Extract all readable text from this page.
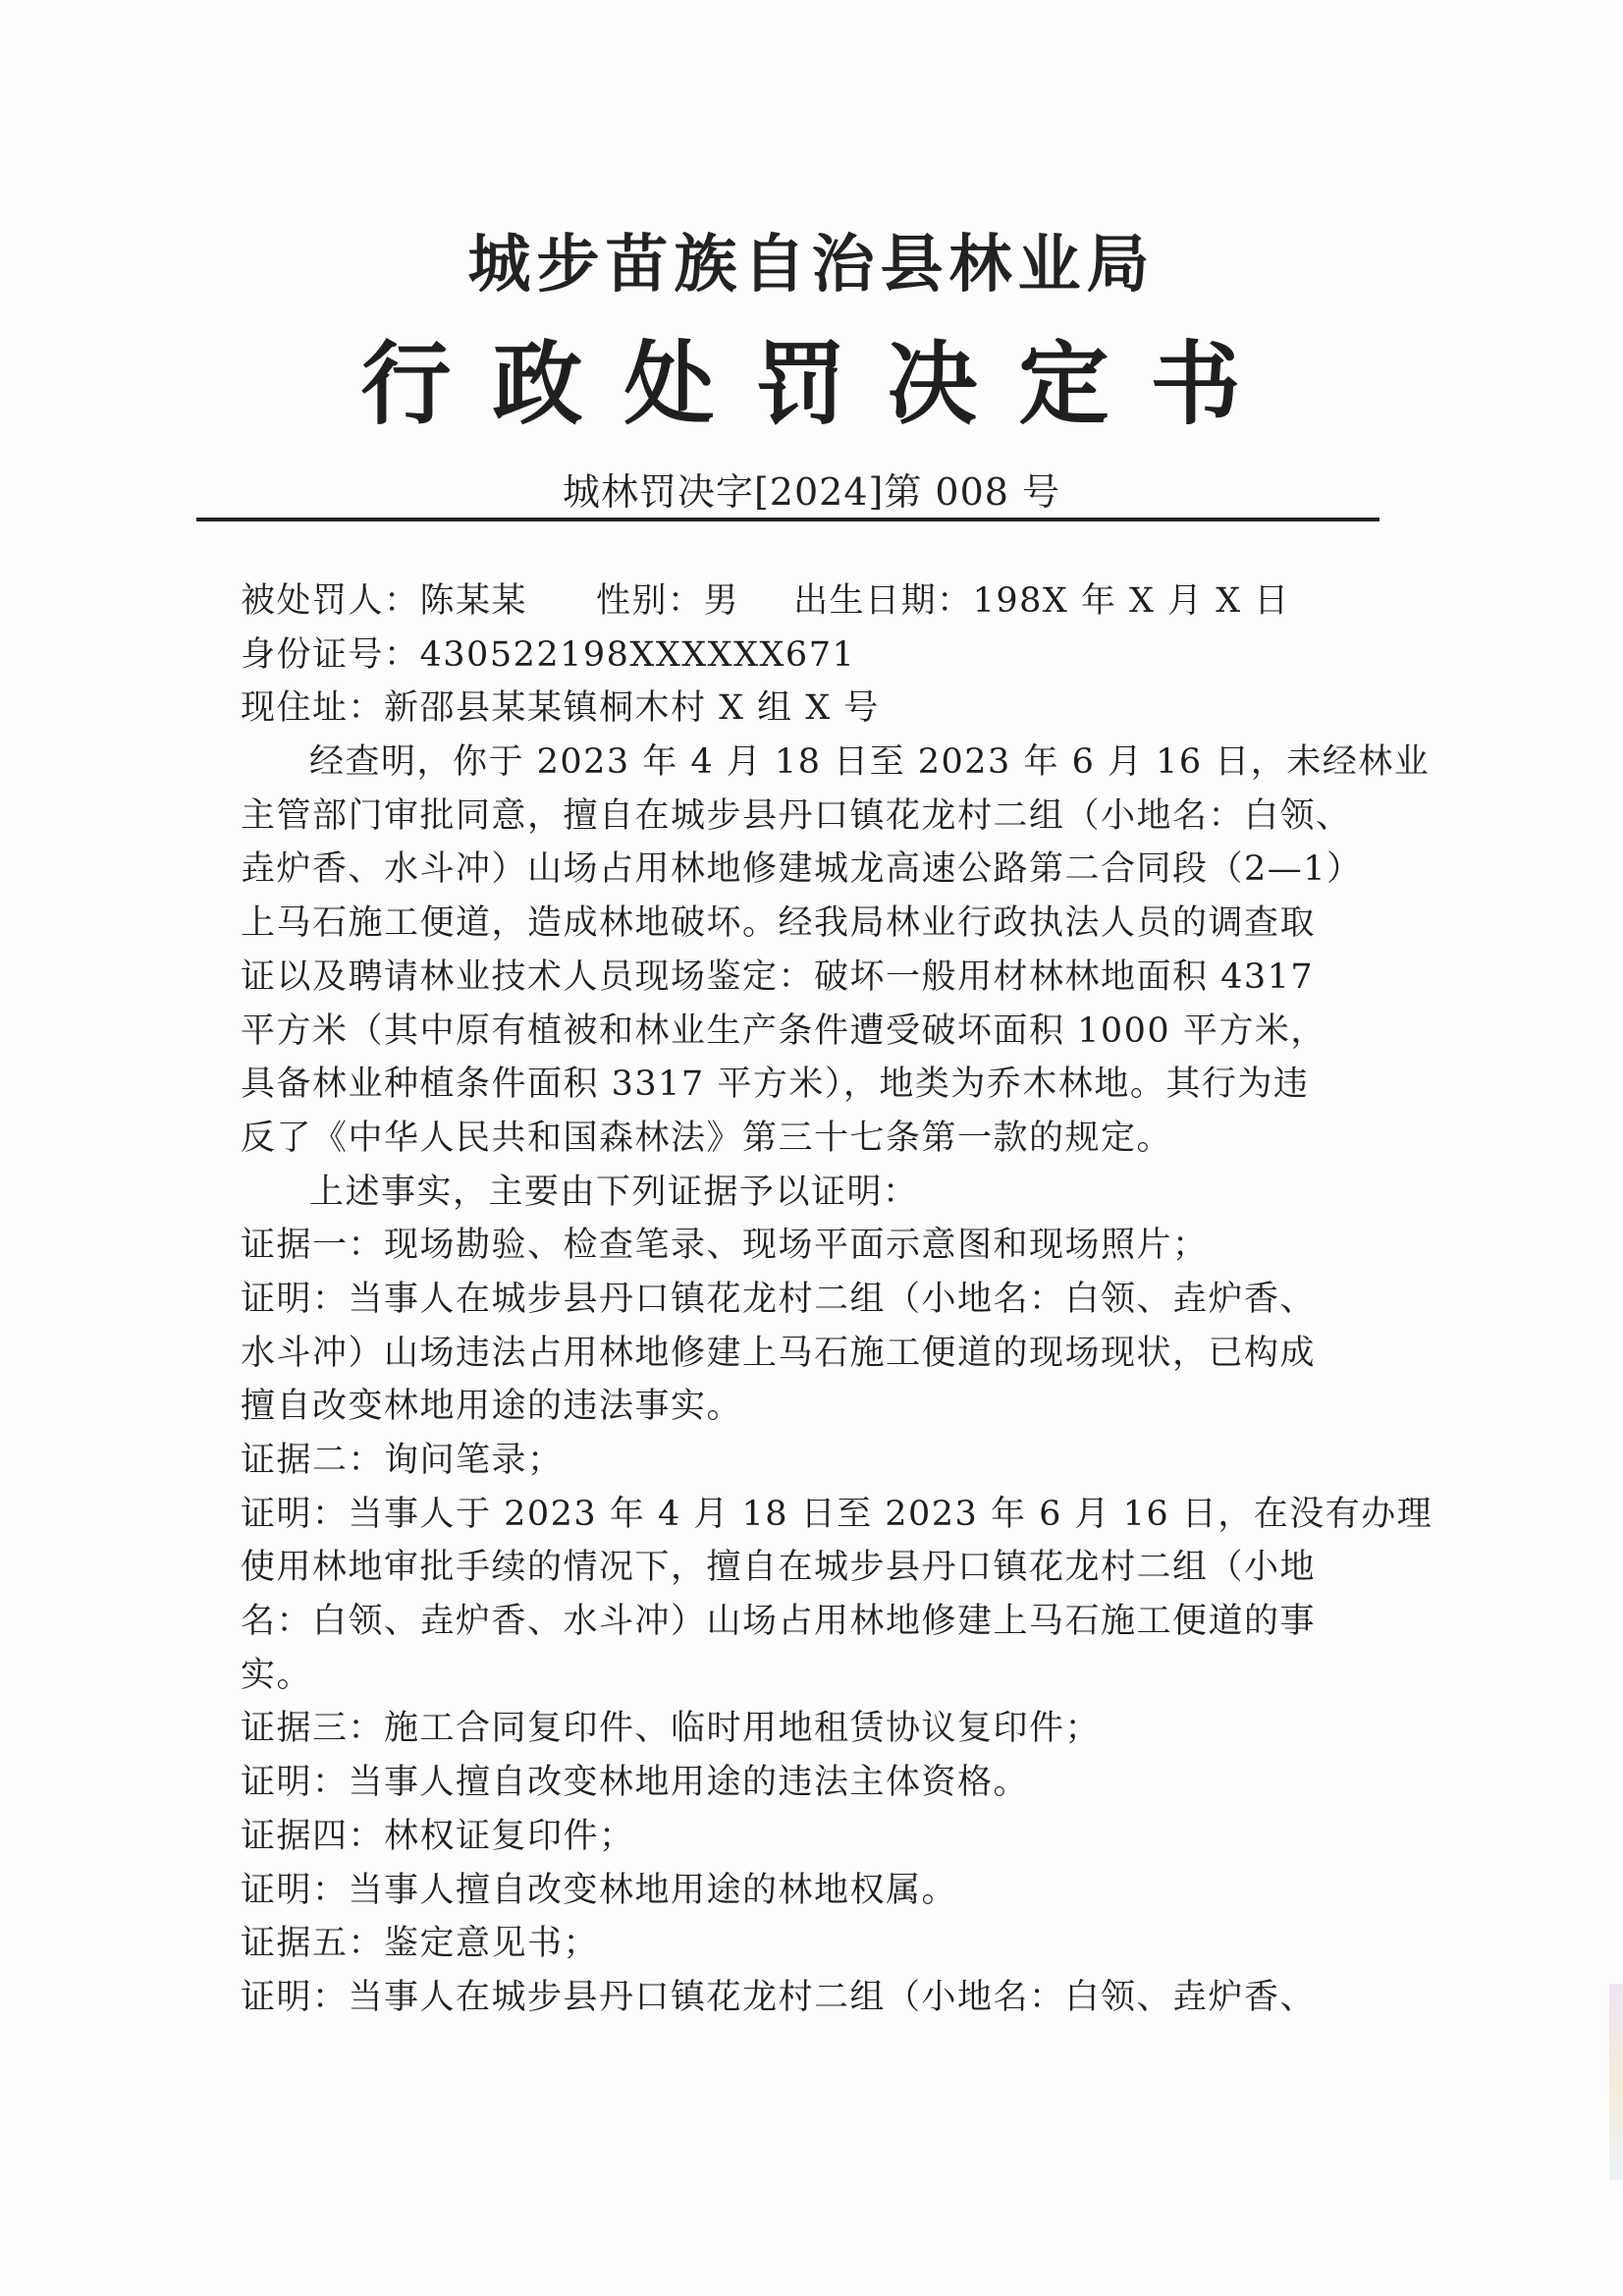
城步苗族自治县林业局
行政处罚决定书
城林罚决字[2024]第 008 号
被处罚人：陈某某 性别：男 出生日期：198X 年 X 月 X 日
身份证号：430522198XXXXXX671
现住址：新邵县某某镇桐木村 X 组 X 号
经查明，你于 2023 年 4 月 18 日至 2023 年 6 月 16 日，未经林业
主管部门审批同意，擅自在城步县丹口镇花龙村二组（小地名：白领、
垚炉香、水斗冲）山场占用林地修建城龙高速公路第二合同段（2—1）
上马石施工便道，造成林地破坏。经我局林业行政执法人员的调查取
证以及聘请林业技术人员现场鉴定：破坏一般用材林林地面积 4317
平方米（其中原有植被和林业生产条件遭受破坏面积 1000 平方米，
具备林业种植条件面积 3317 平方米），地类为乔木林地。其行为违
反了《中华人民共和国森林法》第三十七条第一款的规定。
上述事实，主要由下列证据予以证明：
证据一：现场勘验、检查笔录、现场平面示意图和现场照片；
证明：当事人在城步县丹口镇花龙村二组（小地名：白领、垚炉香、
水斗冲）山场违法占用林地修建上马石施工便道的现场现状，已构成
擅自改变林地用途的违法事实。
证据二：询问笔录；
证明：当事人于 2023 年 4 月 18 日至 2023 年 6 月 16 日，在没有办理
使用林地审批手续的情况下，擅自在城步县丹口镇花龙村二组（小地
名：白领、垚炉香、水斗冲）山场占用林地修建上马石施工便道的事
实。
证据三：施工合同复印件、临时用地租赁协议复印件；
证明：当事人擅自改变林地用途的违法主体资格。
证据四：林权证复印件；
证明：当事人擅自改变林地用途的林地权属。
证据五：鉴定意见书；
证明：当事人在城步县丹口镇花龙村二组（小地名：白领、垚炉香、
